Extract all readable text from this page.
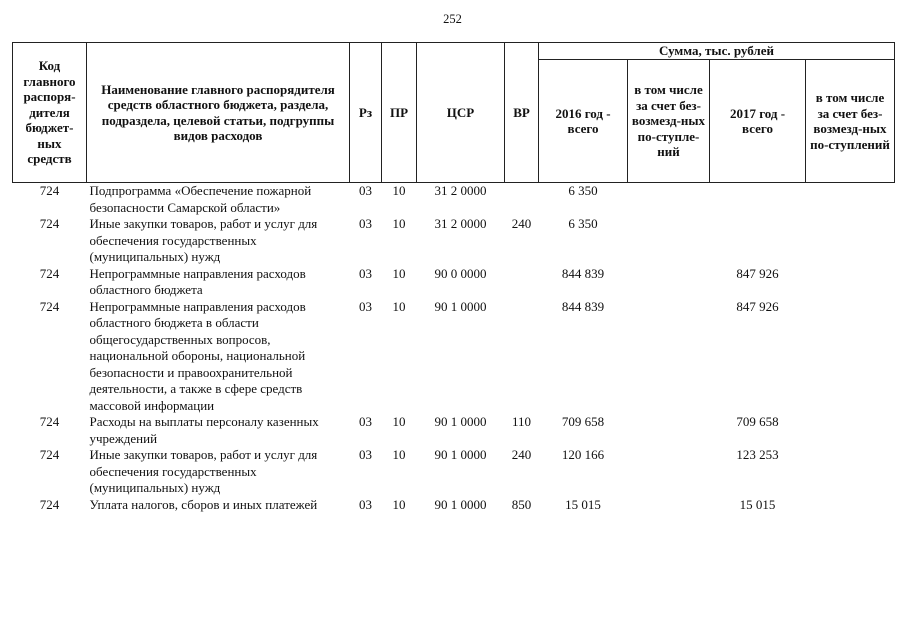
252
Код главного распоря-дителя бюджет-ных средств	Наименование главного распорядителя средств областного бюджета, раздела, подраздела, целевой статьи, подгруппы видов расходов	Рз	ПР	ЦСР	ВР	Сумма, тыс. рублей			
						2016 год - всего	в том числе за счет без-возмезд-ных по-ступле-ний	2017 год - всего	в том числе за счет без-возмезд-ных по-ступлений
724	Подпрограмма «Обеспечение пожарной безопасности Самарской области»	03	10	31 2 0000		6 350			
724	Иные закупки товаров, работ и услуг для обеспечения государственных (муниципальных) нужд	03	10	31 2 0000	240	6 350			
724	Непрограммные направления расходов областного бюджета	03	10	90 0 0000		844 839		847 926	
724	Непрограммные направления расходов областного бюджета в области общегосударственных вопросов, национальной обороны, национальной безопасности и правоохранительной деятельности, а также в сфере средств массовой информации	03	10	90 1 0000		844 839		847 926	
724	Расходы на выплаты персоналу казенных учреждений	03	10	90 1 0000	110	709 658		709 658	
724	Иные закупки товаров, работ и услуг для обеспечения государственных (муниципальных) нужд	03	10	90 1 0000	240	120 166		123 253	
724	Уплата налогов, сборов и иных платежей	03	10	90 1 0000	850	15 015		15 015	
